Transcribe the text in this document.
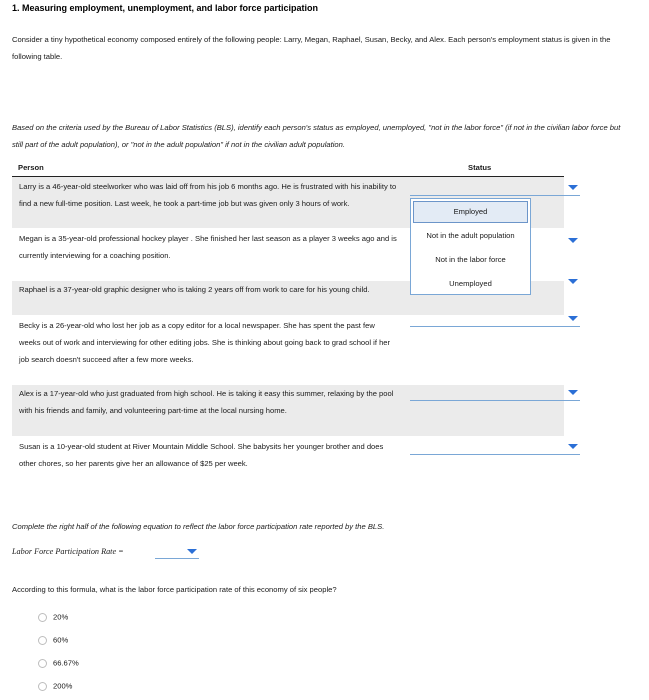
1. Measuring employment, unemployment, and labor force participation
Consider a tiny hypothetical economy composed entirely of the following people: Larry, Megan, Raphael, Susan, Becky, and Alex. Each person's employment status is given in the following table.
Based on the criteria used by the Bureau of Labor Statistics (BLS), identify each person's status as employed, unemployed, "not in the labor force" (if not in the civilian labor force but still part of the adult population), or "not in the adult population" if not in the civilian adult population.
Person	Status
Larry is a 46-year-old steelworker who was laid off from his job 6 months ago. He is frustrated with his inability to find a new full-time position. Last week, he took a part-time job but was given only 3 hours of work.
Megan is a 35-year-old professional hockey player . She finished her last season as a player 3 weeks ago and is currently interviewing for a coaching position.
Raphael is a 37-year-old graphic designer who is taking 2 years off from work to care for his young child.
Becky is a 26-year-old who lost her job as a copy editor for a local newspaper. She has spent the past few weeks out of work and interviewing for other editing jobs. She is thinking about going back to grad school if her job search doesn't succeed after a few more weeks.
Alex is a 17-year-old who just graduated from high school. He is taking it easy this summer, relaxing by the pool with his friends and family, and volunteering part-time at the local nursing home.
Susan is a 10-year-old student at River Mountain Middle School. She babysits her younger brother and does other chores, so her parents give her an allowance of $25 per week.
Employed
Not in the adult population
Not in the labor force
Unemployed
Complete the right half of the following equation to reflect the labor force participation rate reported by the BLS.
Labor Force Participation Rate =
According to this formula, what is the labor force participation rate of this economy of six people?
20%
60%
66.67%
200%
